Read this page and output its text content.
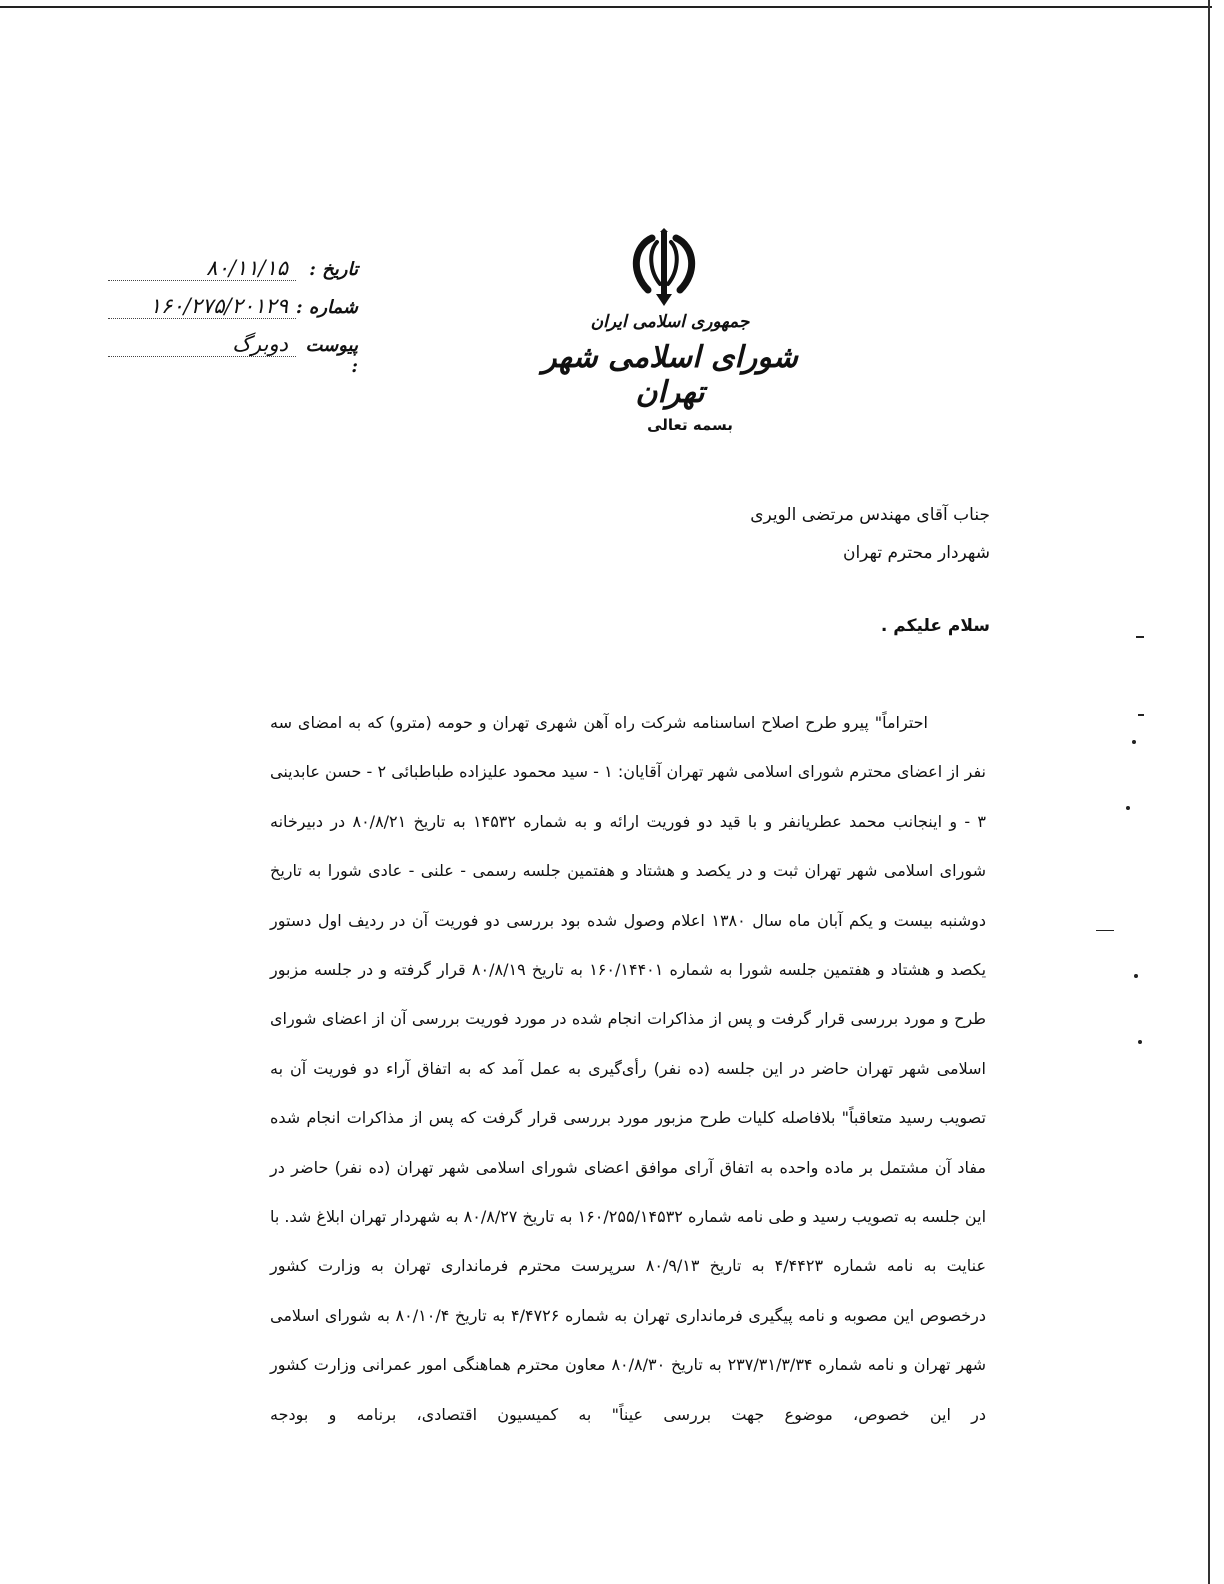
جمهوری اسلامی ایران
شورای اسلامی شهر تهران
بسمه تعالی
تاریخ :
۸۰/۱۱/۱۵
شماره :
۱۶۰/۲۷۵/۲۰۱۲۹
پیوست :
دوبرگ
جناب آقای مهندس مرتضی الویری
شهردار محترم تهران
سلام علیکم .

احتراماً" پیرو طرح اصلاح اساسنامه شرکت راه آهن شهری تهران و حومه (مترو) که به امضای سه نفر از اعضای محترم شورای اسلامی شهر تهران آقایان: ۱ - سید محمود علیزاده طباطبائی ۲ - حسن عابدینی ۳ - و اینجانب محمد عطریانفر و با قید دو فوریت ارائه و به شماره ۱۴۵۳۲ به تاریخ ۸۰/۸/۲۱ در دبیرخانه شورای اسلامی شهر تهران ثبت و در یکصد و هشتاد و هفتمین جلسه رسمی - علنی - عادی شورا به تاریخ دوشنبه بیست و یکم آبان ماه سال ۱۳۸۰ اعلام وصول شده بود بررسی دو فوریت آن در ردیف اول دستور یکصد و هشتاد و هفتمین جلسه شورا به شماره ۱۶۰/۱۴۴۰۱ به تاریخ ۸۰/۸/۱۹ قرار گرفته و در جلسه مزبور طرح و مورد بررسی قرار گرفت و پس از مذاکرات انجام شده در مورد فوریت بررسی آن از اعضای شورای اسلامی شهر تهران حاضر در این جلسه (ده نفر) رأی‌گیری به عمل آمد که به اتفاق آراء دو فوریت آن به تصویب رسید متعاقباً" بلافاصله کلیات طرح مزبور مورد بررسی قرار گرفت که پس از مذاکرات انجام شده مفاد آن مشتمل بر ماده واحده به اتفاق آرای موافق اعضای شورای اسلامی شهر تهران (ده نفر) حاضر در این جلسه به تصویب رسید و طی نامه شماره ۱۶۰/۲۵۵/۱۴۵۳۲ به تاریخ ۸۰/۸/۲۷ به شهردار تهران ابلاغ شد. با عنایت به نامه شماره ۴/۴۴۲۳ به تاریخ ۸۰/۹/۱۳ سرپرست محترم فرمانداری تهران به وزارت کشور درخصوص این مصوبه و نامه پیگیری فرمانداری تهران به شماره ۴/۴۷۲۶ به تاریخ ۸۰/۱۰/۴ به شورای اسلامی شهر تهران و نامه شماره ۲۳۷/۳۱/۳/۳۴ به تاریخ ۸۰/۸/۳۰ معاون محترم هماهنگی امور عمرانی وزارت کشور در این خصوص، موضوع جهت بررسی عیناً" به کمیسیون اقتصادی، برنامه و بودجه
